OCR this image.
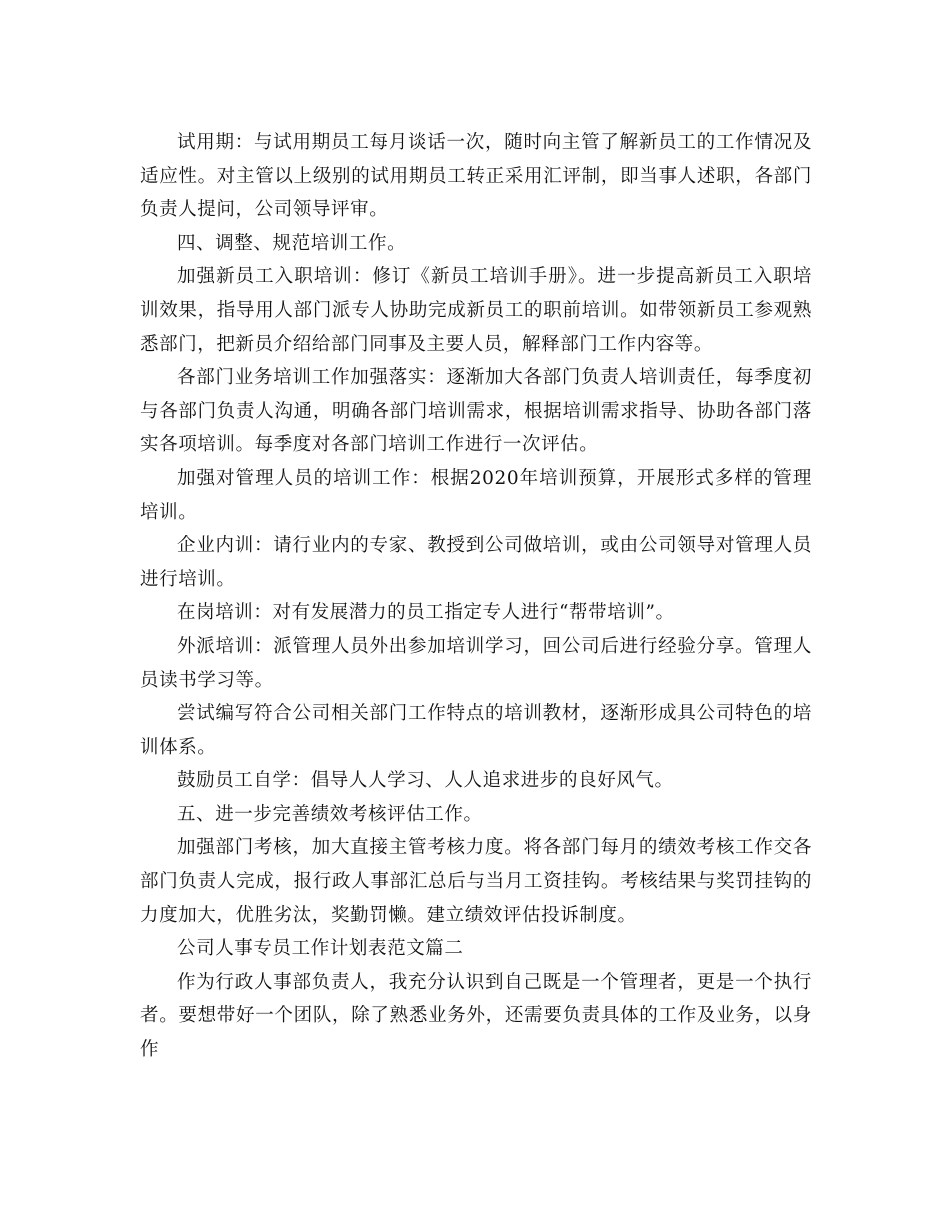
试用期：与试用期员工每月谈话一次，随时向主管了解新员工的工作情况及适应性。对主管以上级别的试用期员工转正采用汇评制，即当事人述职，各部门负责人提问，公司领导评审。

四、调整、规范培训工作。

加强新员工入职培训：修订《新员工培训手册》。进一步提高新员工入职培训效果，指导用人部门派专人协助完成新员工的职前培训。如带领新员工参观熟悉部门，把新员介绍给部门同事及主要人员，解释部门工作内容等。

各部门业务培训工作加强落实：逐渐加大各部门负责人培训责任，每季度初与各部门负责人沟通，明确各部门培训需求，根据培训需求指导、协助各部门落实各项培训。每季度对各部门培训工作进行一次评估。

加强对管理人员的培训工作：根据2020年培训预算，开展形式多样的管理培训。

企业内训：请行业内的专家、教授到公司做培训，或由公司领导对管理人员进行培训。

在岗培训：对有发展潜力的员工指定专人进行“帮带培训”。

外派培训：派管理人员外出参加培训学习，回公司后进行经验分享。管理人员读书学习等。

尝试编写符合公司相关部门工作特点的培训教材，逐渐形成具公司特色的培训体系。

鼓励员工自学：倡导人人学习、人人追求进步的良好风气。

五、进一步完善绩效考核评估工作。

加强部门考核，加大直接主管考核力度。将各部门每月的绩效考核工作交各部门负责人完成，报行政人事部汇总后与当月工资挂钩。考核结果与奖罚挂钩的力度加大，优胜劣汰，奖勤罚懒。建立绩效评估投诉制度。

公司人事专员工作计划表范文篇二

作为行政人事部负责人，我充分认识到自己既是一个管理者，更是一个执行者。要想带好一个团队，除了熟悉业务外，还需要负责具体的工作及业务，以身作
